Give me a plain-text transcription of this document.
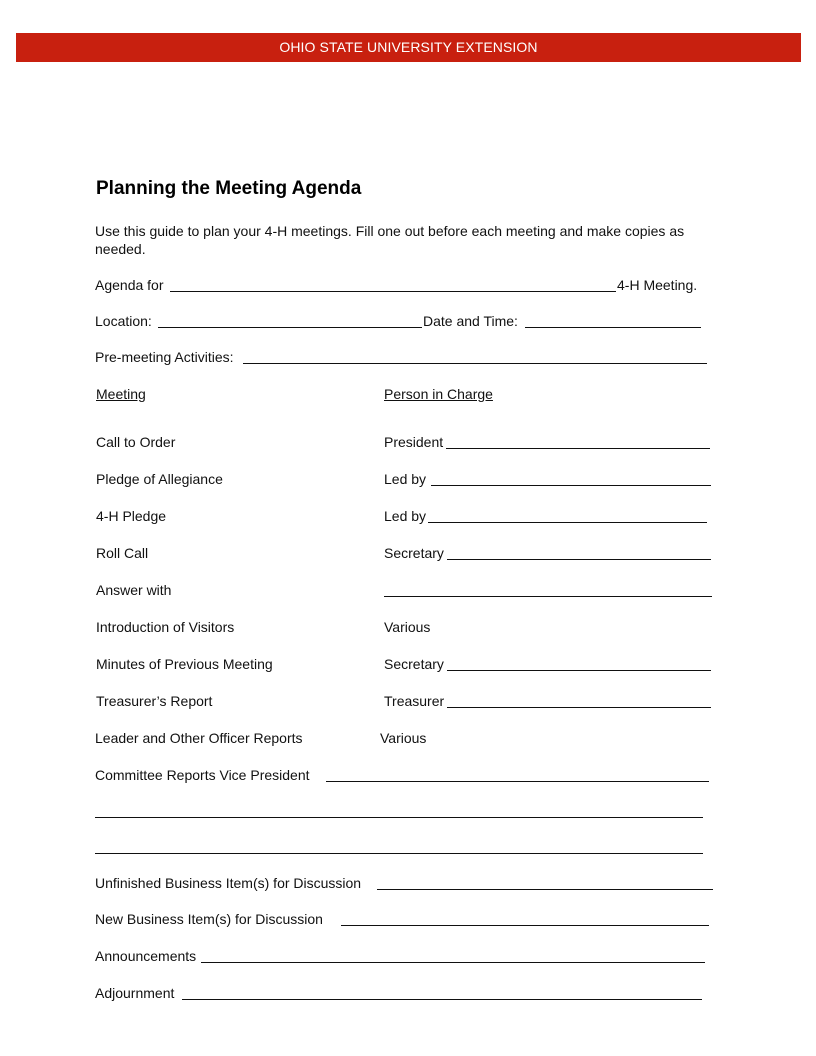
OHIO STATE UNIVERSITY EXTENSION
Planning the Meeting Agenda
Use this guide to plan your 4-H meetings. Fill one out before each meeting and make copies as needed.
Agenda for	4-H Meeting.
Location:	Date and Time:
Pre-meeting Activities:
Meeting	Person in Charge
Call to Order	President
Pledge of Allegiance	Led by
4-H Pledge	Led by
Roll Call	Secretary
Answer with
Introduction of Visitors	Various
Minutes of Previous Meeting	Secretary
Treasurer’s Report	Treasurer
Leader and Other Officer Reports	Various
Committee Reports Vice President
Unfinished Business Item(s) for Discussion
New Business Item(s) for Discussion
Announcements
Adjournment
